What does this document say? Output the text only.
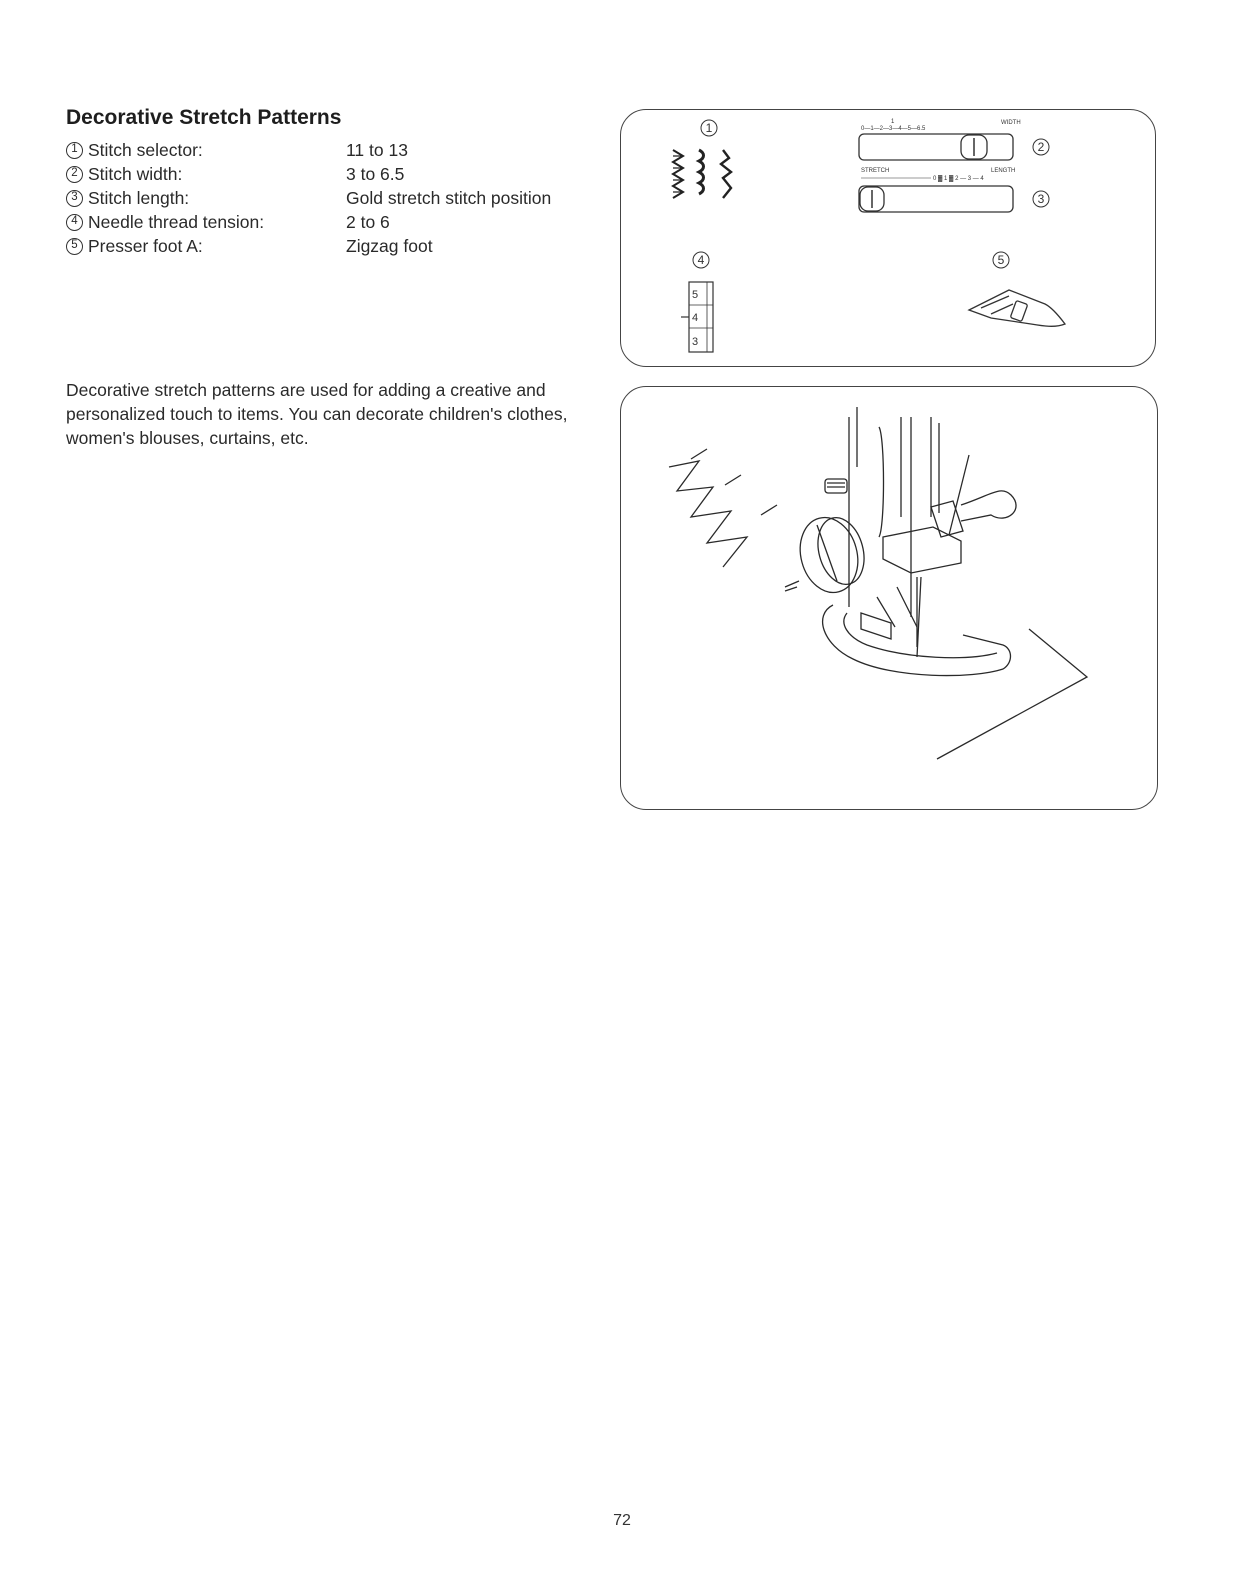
Decorative Stretch Patterns
1 Stitch selector:	11 to 13
2 Stitch width:	3 to 6.5
3 Stitch length:	Gold stretch stitch position
4 Needle thread tension:	2 to 6
5 Presser foot A:	Zigzag foot

Decorative stretch patterns are used for adding a creative and personalized touch to items. You can decorate children's clothes, women's blouses, curtains, etc.

1	1
0—1—2—3—4—5—6.5
WIDTH
2
STRETCH	LENGTH
0 ▓ 1 ▓ 2 — 3 — 4
3
4	5
5
4
3
72
